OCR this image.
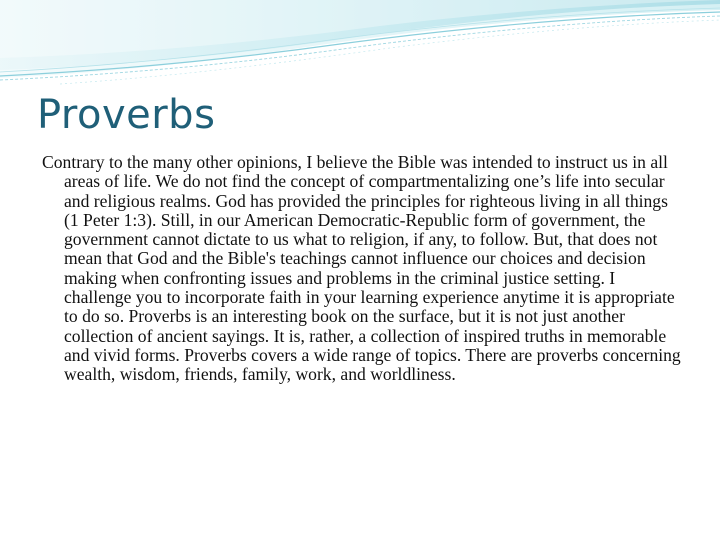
Proverbs

Contrary to the many other opinions, I believe the Bible was intended to instruct us in all areas of life. We do not find the concept of compartmentalizing one’s life into secular and religious realms. God has provided the principles for righteous living in all things (1 Peter 1:3). Still, in our American Democratic-Republic form of government, the government cannot dictate to us what to religion, if any, to follow. But, that does not mean that God and the Bible's teachings cannot influence our choices and decision making when confronting issues and problems in the criminal justice setting. I challenge you to incorporate faith in your learning experience anytime it is appropriate to do so. Proverbs is an interesting book on the surface, but it is not just another collection of ancient sayings. It is, rather, a collection of inspired truths in memorable and vivid forms. Proverbs covers a wide range of topics. There are proverbs concerning wealth, wisdom, friends, family, work, and worldliness.
